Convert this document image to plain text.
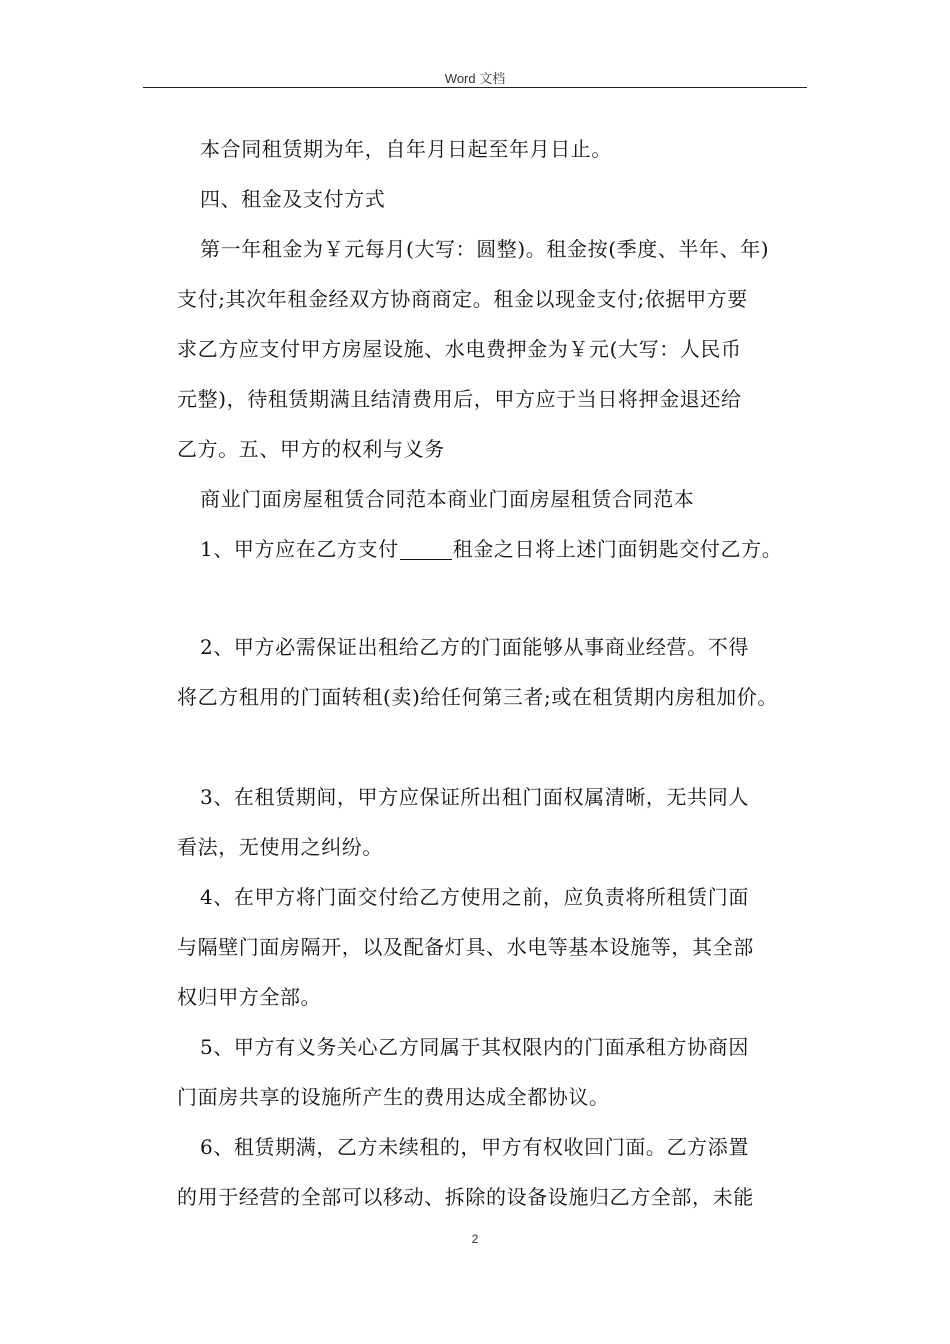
Word 文档
本合同租赁期为年，自年月日起至年月日止。
四、租金及支付方式
第一年租金为￥元每月(大写：圆整)。租金按(季度、半年、年)
支付;其次年租金经双方协商商定。租金以现金支付;依据甲方要
求乙方应支付甲方房屋设施、水电费押金为￥元(大写：人民币
元整)，待租赁期满且结清费用后，甲方应于当日将押金退还给
乙方。五、甲方的权利与义务
商业门面房屋租赁合同范本商业门面房屋租赁合同范本
1、甲方应在乙方支付	租金之日将上述门面钥匙交付乙方。
2、甲方必需保证出租给乙方的门面能够从事商业经营。不得
将乙方租用的门面转租(卖)给任何第三者;或在租赁期内房租加价。
3、在租赁期间，甲方应保证所出租门面权属清晰，无共同人
看法，无使用之纠纷。
4、在甲方将门面交付给乙方使用之前，应负责将所租赁门面
与隔壁门面房隔开，以及配备灯具、水电等基本设施等，其全部
权归甲方全部。
5、甲方有义务关心乙方同属于其权限内的门面承租方协商因
门面房共享的设施所产生的费用达成全都协议。
6、租赁期满，乙方未续租的，甲方有权收回门面。乙方添置
的用于经营的全部可以移动、拆除的设备设施归乙方全部，未能
2
